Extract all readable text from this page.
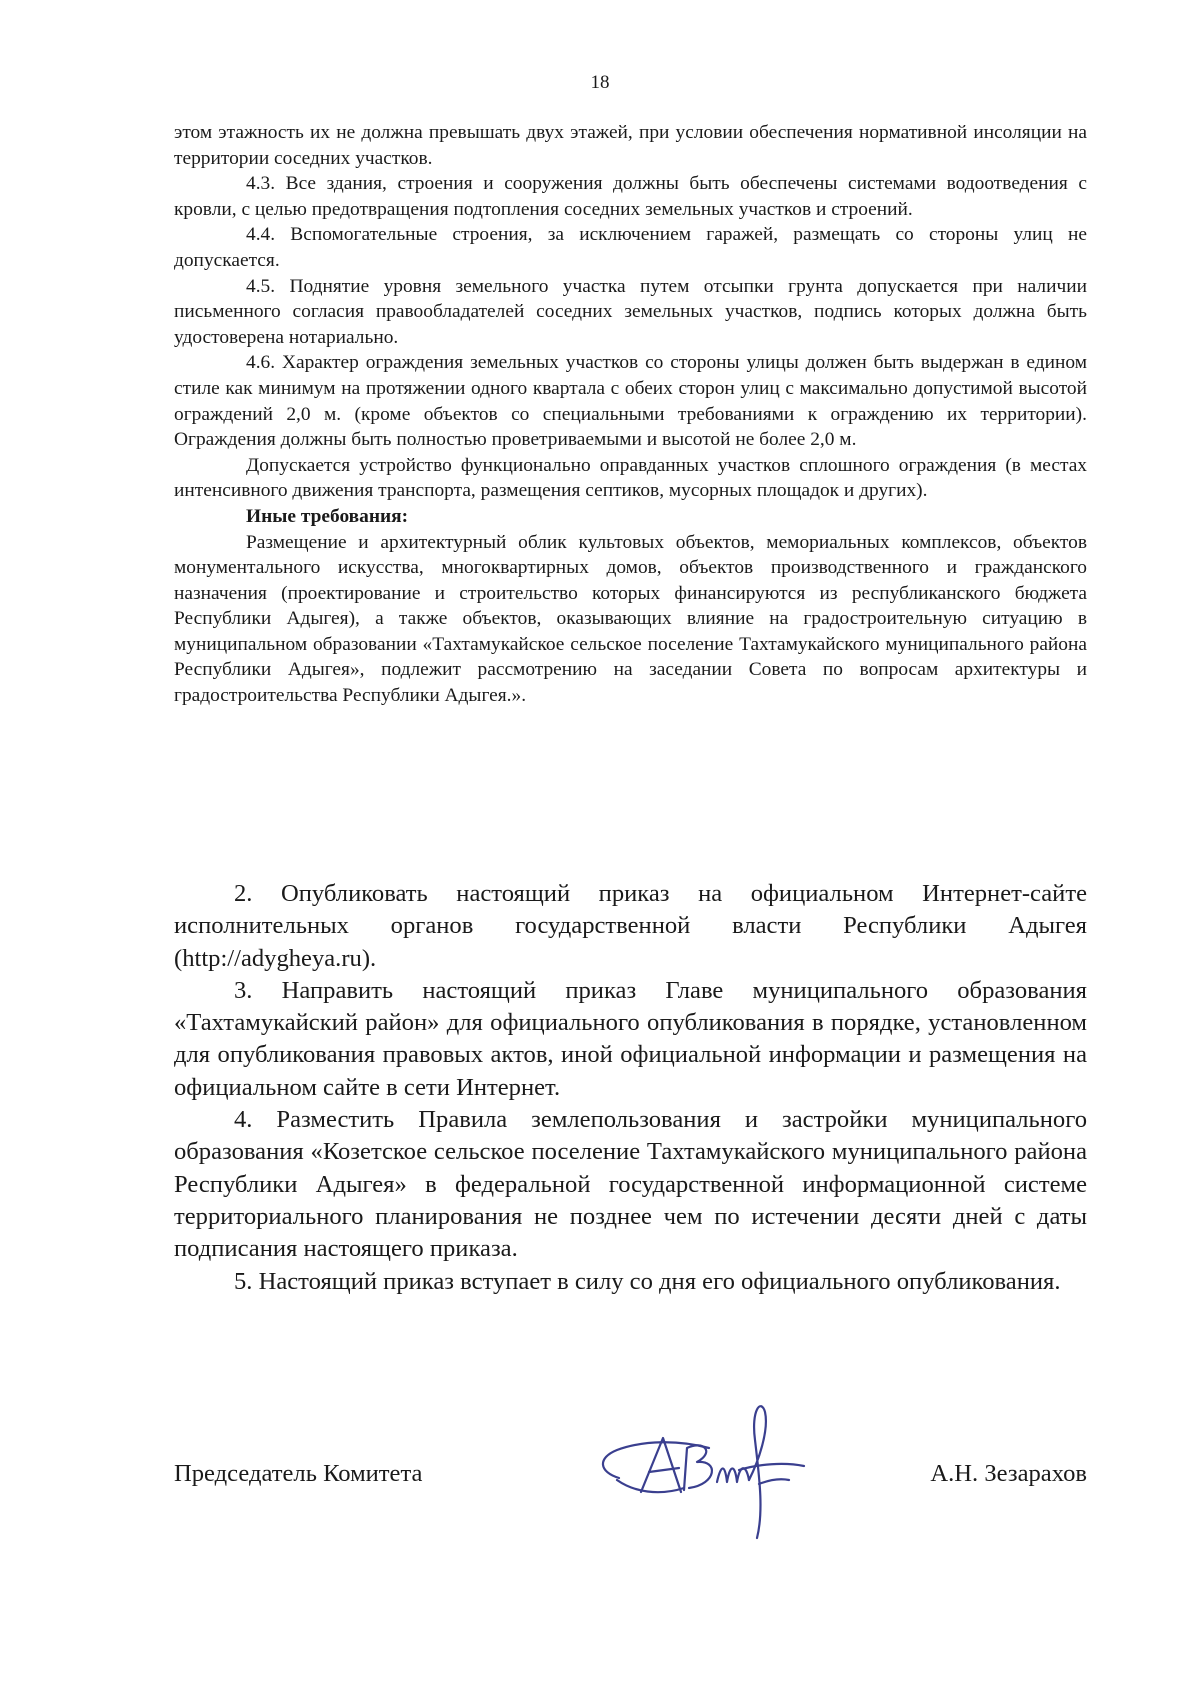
18

этом этажность их не должна превышать двух этажей, при условии обеспечения нормативной инсоляции на территории соседних участков.

4.3. Все здания, строения и сооружения должны быть обеспечены системами водоотведения с кровли, с целью предотвращения подтопления соседних земельных участков и строений.

4.4. Вспомогательные строения, за исключением гаражей, размещать со стороны улиц не допускается.

4.5. Поднятие уровня земельного участка путем отсыпки грунта допускается при наличии письменного согласия правообладателей соседних земельных участков, подпись которых должна быть удостоверена нотариально.

4.6. Характер ограждения земельных участков со стороны улицы должен быть выдержан в едином стиле как минимум на протяжении одного квартала с обеих сторон улиц с максимально допустимой высотой ограждений 2,0 м. (кроме объектов со специальными требованиями к ограждению их территории). Ограждения должны быть полностью проветриваемыми и высотой не более 2,0 м.

Допускается устройство функционально оправданных участков сплошного ограждения (в местах интенсивного движения транспорта, размещения септиков, мусорных площадок и других).

Иные требования:

Размещение и архитектурный облик культовых объектов, мемориальных комплексов, объектов монументального искусства, многоквартирных домов, объектов производственного и гражданского назначения (проектирование и строительство которых финансируются из республиканского бюджета Республики Адыгея), а также объектов, оказывающих влияние на градостроительную ситуацию в муниципальном образовании «Тахтамукайское сельское поселение Тахтамукайского муниципального района Республики Адыгея», подлежит рассмотрению на заседании Совета по вопросам архитектуры и градостроительства Республики Адыгея.».

2. Опубликовать настоящий приказ на официальном Интернет-сайте исполнительных органов государственной власти Республики Адыгея (http://adygheya.ru).

3. Направить настоящий приказ Главе муниципального образования «Тахтамукайский район» для официального опубликования в порядке, установленном для опубликования правовых актов, иной официальной информации и размещения на официальном сайте в сети Интернет.

4. Разместить Правила землепользования и застройки муниципального образования «Козетское сельское поселение Тахтамукайского муниципального района Республики Адыгея» в федеральной государственной информационной системе территориального планирования не позднее чем по истечении десяти дней с даты подписания настоящего приказа.

5. Настоящий приказ вступает в силу со дня его официального опубликования.

Председатель Комитета	А.Н. Зезарахов
